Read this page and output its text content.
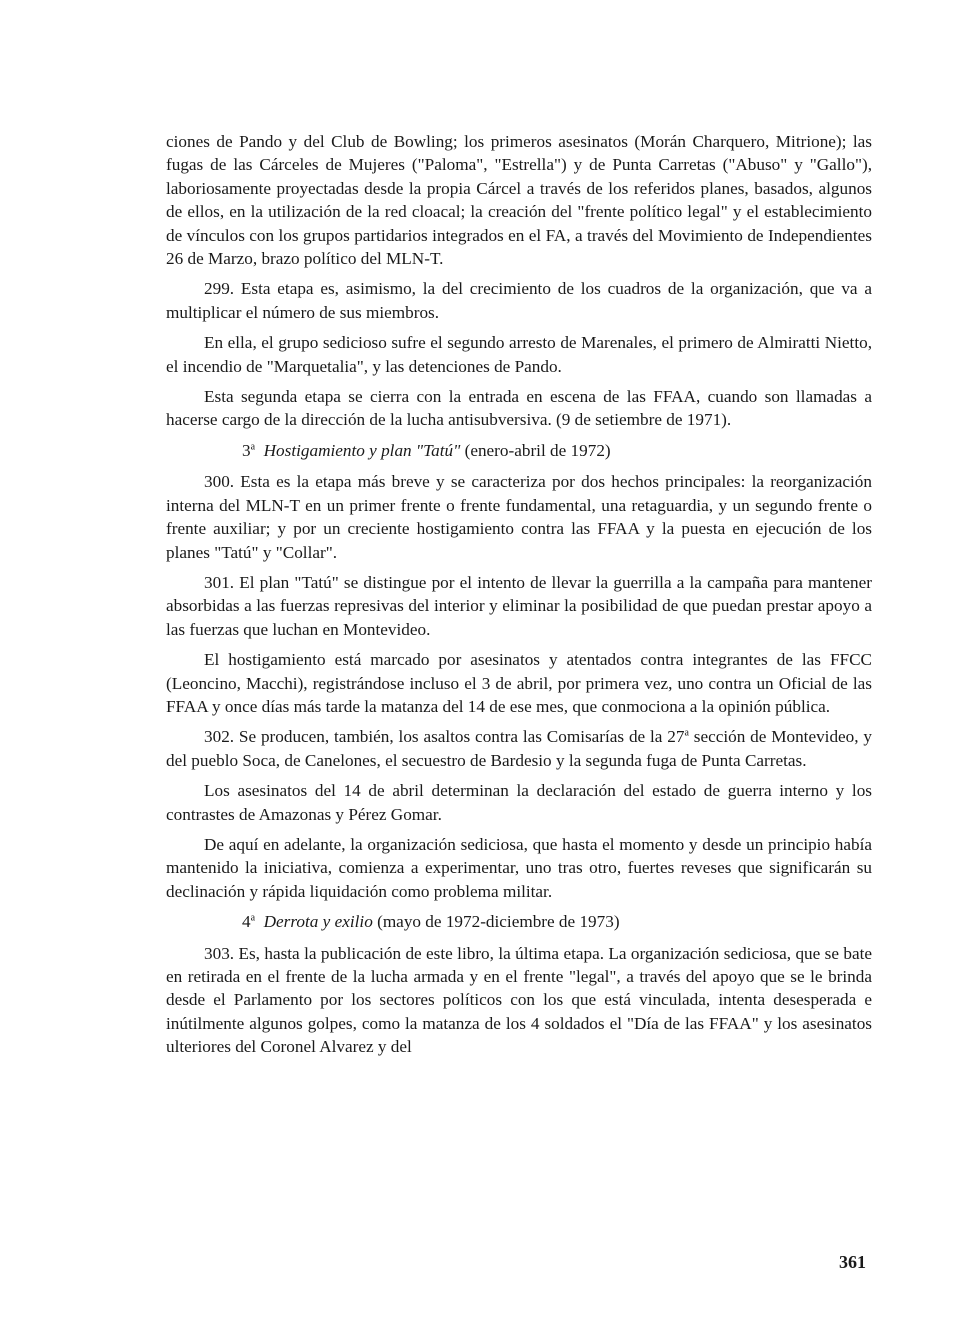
ciones de Pando y del Club de Bowling; los primeros asesinatos (Morán Charquero, Mitrione); las fugas de las Cárceles de Mujeres ("Paloma", "Estrella") y de Punta Carretas ("Abuso" y "Gallo"), laboriosamente proyectadas desde la propia Cárcel a través de los referidos planes, basados, algunos de ellos, en la utilización de la red cloacal; la creación del "frente político legal" y el establecimiento de vínculos con los grupos partidarios integrados en el FA, a través del Movimiento de Independientes 26 de Marzo, brazo político del MLN-T.

299. Esta etapa es, asimismo, la del crecimiento de los cuadros de la organización, que va a multiplicar el número de sus miembros.

En ella, el grupo sedicioso sufre el segundo arresto de Marenales, el primero de Almiratti Nietto, el incendio de "Marquetalia", y las detenciones de Pando.

Esta segunda etapa se cierra con la entrada en escena de las FFAA, cuando son llamadas a hacerse cargo de la dirección de la lucha antisubversiva. (9 de setiembre de 1971).

3$^a$ Hostigamiento y plan "Tatú" (enero-abril de 1972)

300. Esta es la etapa más breve y se caracteriza por dos hechos principales: la reorganización interna del MLN-T en un primer frente o frente fundamental, una retaguardia, y un segundo frente o frente auxiliar; y por un creciente hostigamiento contra las FFAA y la puesta en ejecución de los planes "Tatú" y "Collar".

301. El plan "Tatú" se distingue por el intento de llevar la guerrilla a la campaña para mantener absorbidas a las fuerzas represivas del interior y eliminar la posibilidad de que puedan prestar apoyo a las fuerzas que luchan en Montevideo.

El hostigamiento está marcado por asesinatos y atentados contra integrantes de las FFCC (Leoncino, Macchi), registrándose incluso el 3 de abril, por primera vez, uno contra un Oficial de las FFAA y once días más tarde la matanza del 14 de ese mes, que conmociona a la opinión pública.

302. Se producen, también, los asaltos contra las Comisarías de la 27$^a$ sección de Montevideo, y del pueblo Soca, de Canelones, el secuestro de Bardesio y la segunda fuga de Punta Carretas.

Los asesinatos del 14 de abril determinan la declaración del estado de guerra interno y los contrastes de Amazonas y Pérez Gomar.

De aquí en adelante, la organización sediciosa, que hasta el momento y desde un principio había mantenido la iniciativa, comienza a experimentar, uno tras otro, fuertes reveses que significarán su declinación y rápida liquidación como problema militar.

4$^a$ Derrota y exilio (mayo de 1972-diciembre de 1973)

303. Es, hasta la publicación de este libro, la última etapa. La organización sediciosa, que se bate en retirada en el frente de la lucha armada y en el frente "legal", a través del apoyo que se le brinda desde el Parlamento por los sectores políticos con los que está vinculada, intenta desesperada e inútilmente algunos golpes, como la matanza de los 4 soldados el "Día de las FFAA" y los asesinatos ulteriores del Coronel Alvarez y del

361
